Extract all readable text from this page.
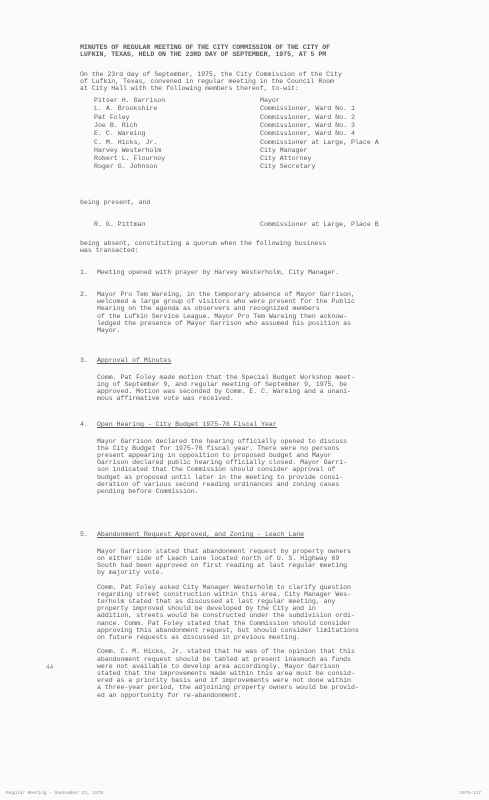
MINUTES OF REGULAR MEETING OF THE CITY COMMISSION OF THE CITY OF
LUFKIN, TEXAS, HELD ON THE 23RD DAY OF SEPTEMBER, 1975, AT 5 PM
On the 23rd day of September, 1975, the City Commission of the City
of Lufkin, Texas, convened in regular meeting in the Council Room
at City Hall with the following members thereof, to-wit:
Pitser H. Garrison	Mayor
L. A. Brookshire	Commissioner, Ward No. 1
Pat Foley	Commissioner, Ward No. 2
Joe B. Rich	Commissioner, Ward No. 3
E. C. Wareing	Commissioner, Ward No. 4
C. M. Hicks, Jr.	Commissioner at Large, Place A
Harvey Westerholm	City Manager
Robert L. Flournoy	City Attorney
Roger G. Johnson	City Secretary
being present, and
R. G. Pittman	Commissioner at Large, Place B
being absent, constituting a quorum when the following business
was transacted:
1. Meeting opened with prayer by Harvey Westerholm, City Manager.
2. Mayor Pro Tem Wareing, in the temporary absence of Mayor Garrison,
welcomed a large group of visitors who were present for the Public
Hearing on the agenda as observers and recognized members
of the Lufkin Service League. Mayor Pro Tem Wareing then acknow-
ledged the presence of Mayor Garrison who assumed his position as
Mayor.
3. Approval of Minutes
Comm. Pat Foley made motion that the Special Budget Workshop meet-
ing of September 9, and regular meeting of September 9, 1975, be
approved. Motion was seconded by Comm. E. C. Wareing and a unani-
mous affirmative vote was received.
4. Open Hearing - City Budget 1975-76 Fiscal Year
Mayor Garrison declared the hearing officially opened to discuss
the City Budget for 1975-76 fiscal year. There were no persons
present appearing in opposition to proposed budget and Mayor
Garrison declared public hearing officially closed. Mayor Garri-
son indicated that the Commission should consider approval of
budget as proposed until later in the meeting to provide consi-
deration of various second reading ordinances and zoning cases
pending before Commission.
5. Abandonment Request Approved, and Zoning - Leach Lane
Mayor Garrison stated that abandonment request by property owners
on either side of Leach Lane located north of U. S. Highway 69
South had been approved on first reading at last regular meeting
by majority vote.
Comm. Pat Foley asked City Manager Westerholm to clarify question
regarding street construction within this area. City Manager Wes-
terholm stated that as discussed at last regular meeting, any
property improved should be developed by the City and in
addition, streets would be constructed under the subdivision ordi-
nance. Comm. Pat Foley stated that the Commission should consider
approving this abandonment request, but should consider limitations
on future requests as discussed in previous meeting.
Comm. C. M. Hicks, Jr. stated that he was of the opinion that this
abandonment request should be tabled at present inasmuch as funds
were not available to develop area accordingly. Mayor Garrison
stated that the improvements made within this area must be consid-
ered as a priority basis and if improvements were not done within
a three-year period, the adjoining property owners would be provid-
ed an opportunity for re-abandonment.
44
Regular Meeting — September 23, 1975	1975-117
